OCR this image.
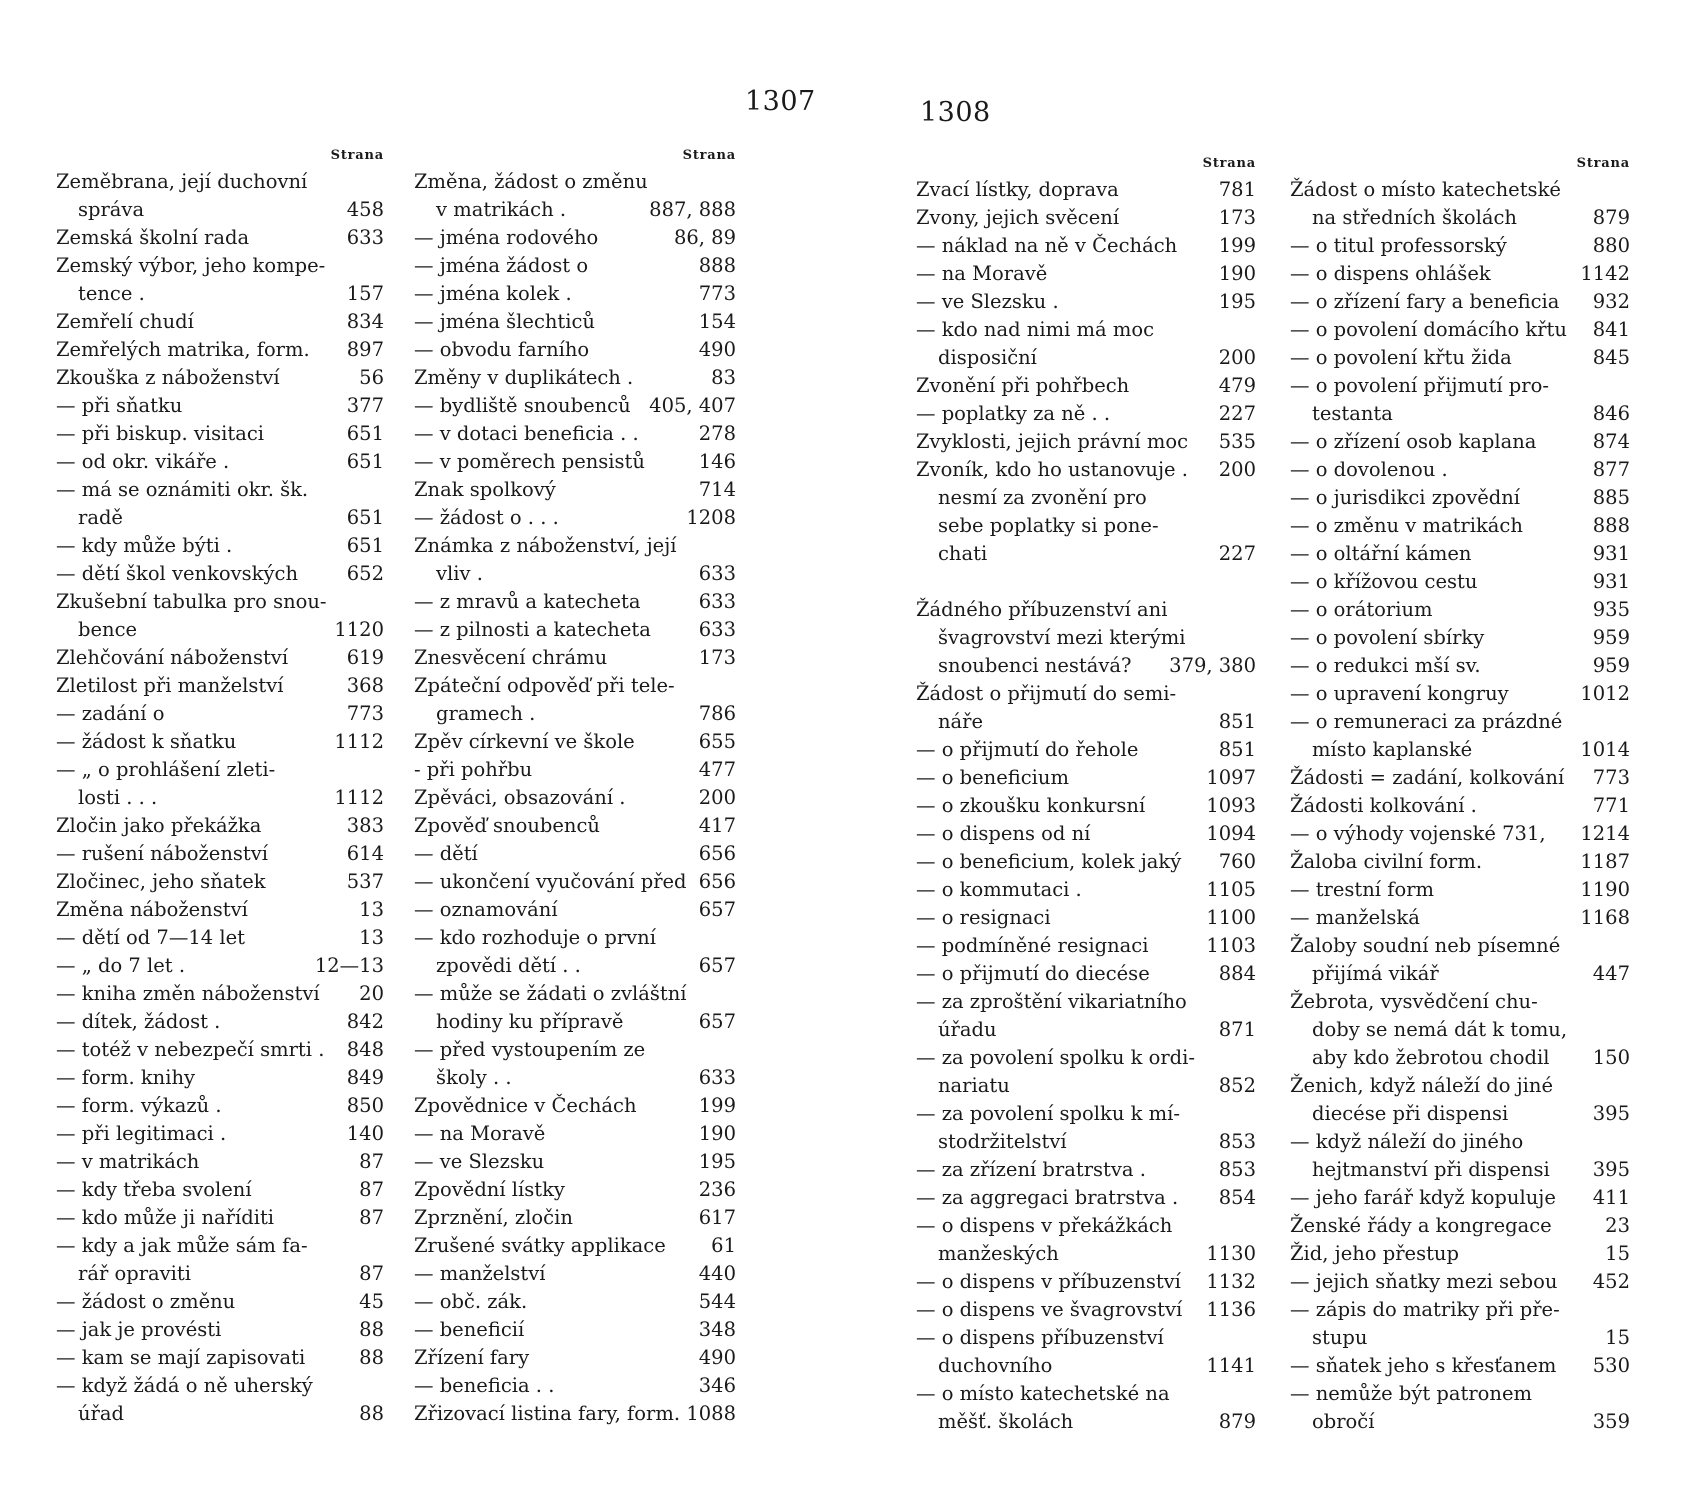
1307
Strana
Zeměbrana, její duchovní
správa	458
Zemská školní rada	633
Zemský výbor, jeho kompe-
tence .	157
Zemřelí chudí	834
Zemřelých matrika, form. 897
Zkouška z náboženství	56
— při sňatku	377
— při biskup. visitaci	651
— od okr. vikáře .	651
— má se oznámiti okr. šk.
radě	651
— kdy může býti .	651
— dětí škol venkovských	652
Zkušební tabulka pro snou-
bence	1120
Zlehčování náboženství	619
Zletilost při manželství	368
— zadání o	773
— žádost k sňatku	1112
— „ o prohlášení zleti-
losti . . .	1112
Zločin jako překážka	383
— rušení náboženství	614
Zločinec, jeho sňatek	537
Změna náboženství	13
— dětí od 7—14 let	13
— „ do 7 let .	12—13
— kniha změn náboženství 20
— dítek, žádost .	842
— totéž v nebezpečí smrti . 848
— form. knihy	849
— form. výkazů .	850
— při legitimaci .	140
— v matrikách	87
— kdy třeba svolení	87
— kdo může ji naříditi	87
— kdy a jak může sám fa-
rář opraviti	87
— žádost o změnu	45
— jak je provésti	88
— kam se mají zapisovati	88
— když žádá o ně uherský
úřad	88
Strana
Změna, žádost o změnu
v matrikách .	887, 888
— jména rodového	86, 89
— jména žádost o	888
— jména kolek .	773
— jména šlechticů	154
— obvodu farního	490
Změny v duplikátech .	83
— bydliště snoubenců 405, 407
— v dotaci beneficia . .	278
— v poměrech pensistů	146
Znak spolkový	714
— žádost o . . .	1208
Známka z náboženství, její
vliv .	633
— z mravů a katecheta	633
— z pilnosti a katecheta 633
Znesvěcení chrámu	173
Zpáteční odpověď při tele-
gramech .	786
Zpěv církevní ve škole	655
- při pohřbu	477
Zpěváci, obsazování .	200
Zpověď snoubenců	417
— dětí	656
— ukončení vyučování před 656
— oznamování	657
— kdo rozhoduje o první
zpovědi dětí . .	657
— může se žádati o zvláštní
hodiny ku přípravě	657
— před vystoupením ze
školy . .	633
Zpovědnice v Čechách	199
— na Moravě	190
— ve Slezsku	195
Zpovědní lístky	236
Zprznění, zločin	617
Zrušené svátky applikace 61
— manželství	440
— obč. zák.	544
— beneficií	348
Zřízení fary	490
— beneficia . .	346
Zřizovací listina fary, form. 1088
1308
Strana
Zvací lístky, doprava	781
Zvony, jejich svěcení	173
— náklad na ně v Čechách 199
— na Moravě	190
— ve Slezsku .	195
— kdo nad nimi má moc
disposiční	200
Zvonění při pohřbech	479
— poplatky za ně . .	227
Zvyklosti, jejich právní moc 535
Zvoník, kdo ho ustanovuje . 200
nesmí za zvonění pro
sebe poplatky si pone-
chati	227
Žádného příbuzenství ani
švagrovství mezi kterými
snoubenci nestává? 379, 380
Žádost o přijmutí do semi-
náře	851
— o přijmutí do řehole	851
— o beneficium	1097
— o zkoušku konkursní	1093
— o dispens od ní	1094
— o beneficium, kolek jaký 760
— o kommutaci .	1105
— o resignaci	1100
— podmíněné resignaci	1103
— o přijmutí do diecése	884
— za zproštění vikariatního
úřadu	871
— za povolení spolku k ordi-
nariatu	852
— za povolení spolku k mí-
stodržitelství	853
— za zřízení bratrstva .	853
— za aggregaci bratrstva . 854
— o dispens v překážkách
manžeských	1130
— o dispens v příbuzenství 1132
— o dispens ve švagrovství 1136
— o dispens příbuzenství
duchovního	1141
— o místo katechetské na
měšť. školách	879
Strana
Žádost o místo katechetské
na středních školách	879
— o titul professorský	880
— o dispens ohlášek	1142
— o zřízení fary a beneficia 932
— o povolení domácího křtu 841
— o povolení křtu žida	845
— o povolení přijmutí pro-
testanta	846
— o zřízení osob kaplana	874
— o dovolenou .	877
— o jurisdikci zpovědní	885
— o změnu v matrikách	888
— o oltářní kámen	931
— o křížovou cestu	931
— o orátorium	935
— o povolení sbírky	959
— o redukci mší sv.	959
— o upravení kongruy	1012
— o remuneraci za prázdné
místo kaplanské	1014
Žádosti = zadání, kolkování 773
Žádosti kolkování .	771
— o výhody vojenské 731, 1214
Žaloba civilní form.	1187
— trestní form	1190
— manželská	1168
Žaloby soudní neb písemné
přijímá vikář	447
Žebrota, vysvědčení chu-
doby se nemá dát k tomu,
aby kdo žebrotou chodil 150
Ženich, když náleží do jiné
diecése při dispensi	395
— když náleží do jiného
hejtmanství při dispensi 395
— jeho farář když kopuluje 411
Ženské řády a kongregace	23
Žid, jeho přestup	15
— jejich sňatky mezi sebou 452
— zápis do matriky při pře-
stupu	15
— sňatek jeho s křesťanem 530
— nemůže být patronem
obročí	359
